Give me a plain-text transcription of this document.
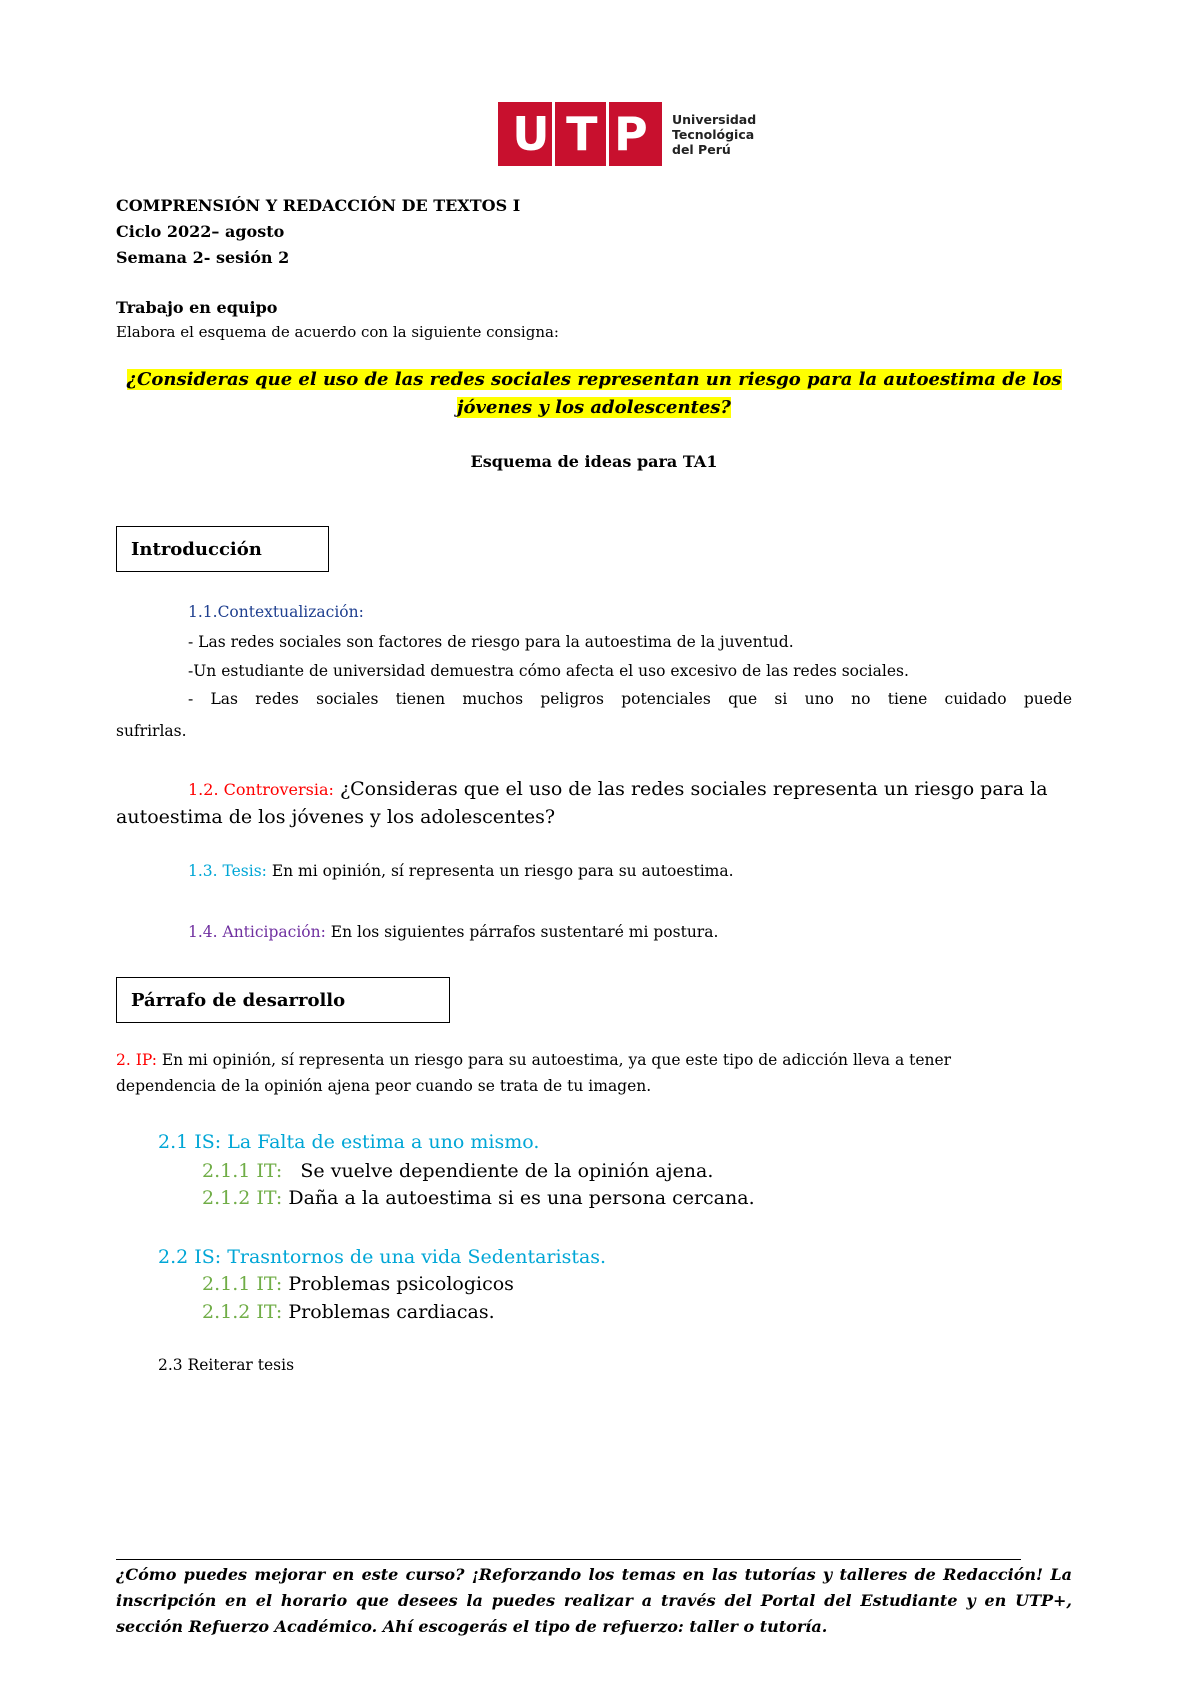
U T P Universidad
Tecnológica
del Perú
COMPRENSIÓN Y REDACCIÓN DE TEXTOS I
Ciclo 2022– agosto
Semana 2- sesión 2
Trabajo en equipo
Elabora el esquema de acuerdo con la siguiente consigna:
¿Consideras que el uso de las redes sociales representan un riesgo para la autoestima de los
jóvenes y los adolescentes?
Esquema de ideas para TA1
Introducción
1.1.Contextualización:
- Las redes sociales son factores de riesgo para la autoestima de la juventud.
-Un estudiante de universidad demuestra cómo afecta el uso excesivo de las redes sociales.
- Las redes sociales tienen muchos peligros potenciales que si uno no tiene cuidado puede
sufrirlas.
1.2. Controversia: ¿Consideras que el uso de las redes sociales representa un riesgo para la
autoestima de los jóvenes y los adolescentes?
1.3. Tesis: En mi opinión, sí representa un riesgo para su autoestima.
1.4. Anticipación: En los siguientes párrafos sustentaré mi postura.
Párrafo de desarrollo
2. IP: En mi opinión, sí representa un riesgo para su autoestima, ya que este tipo de adicción lleva a tener
dependencia de la opinión ajena peor cuando se trata de tu imagen.
2.1 IS: La Falta de estima a uno mismo.
2.1.1 IT:   Se vuelve dependiente de la opinión ajena.
2.1.2 IT: Daña a la autoestima si es una persona cercana.
2.2 IS: Trasntornos de una vida Sedentaristas.
2.1.1 IT: Problemas psicologicos
2.1.2 IT: Problemas cardiacas.
2.3 Reiterar tesis
¿Cómo puedes mejorar en este curso? ¡Reforzando los temas en las tutorías y talleres de Redacción! La inscripción en el horario que desees la puedes realizar a través del Portal del Estudiante y en UTP+, sección Refuerzo Académico. Ahí escogerás el tipo de refuerzo: taller o tutoría.
